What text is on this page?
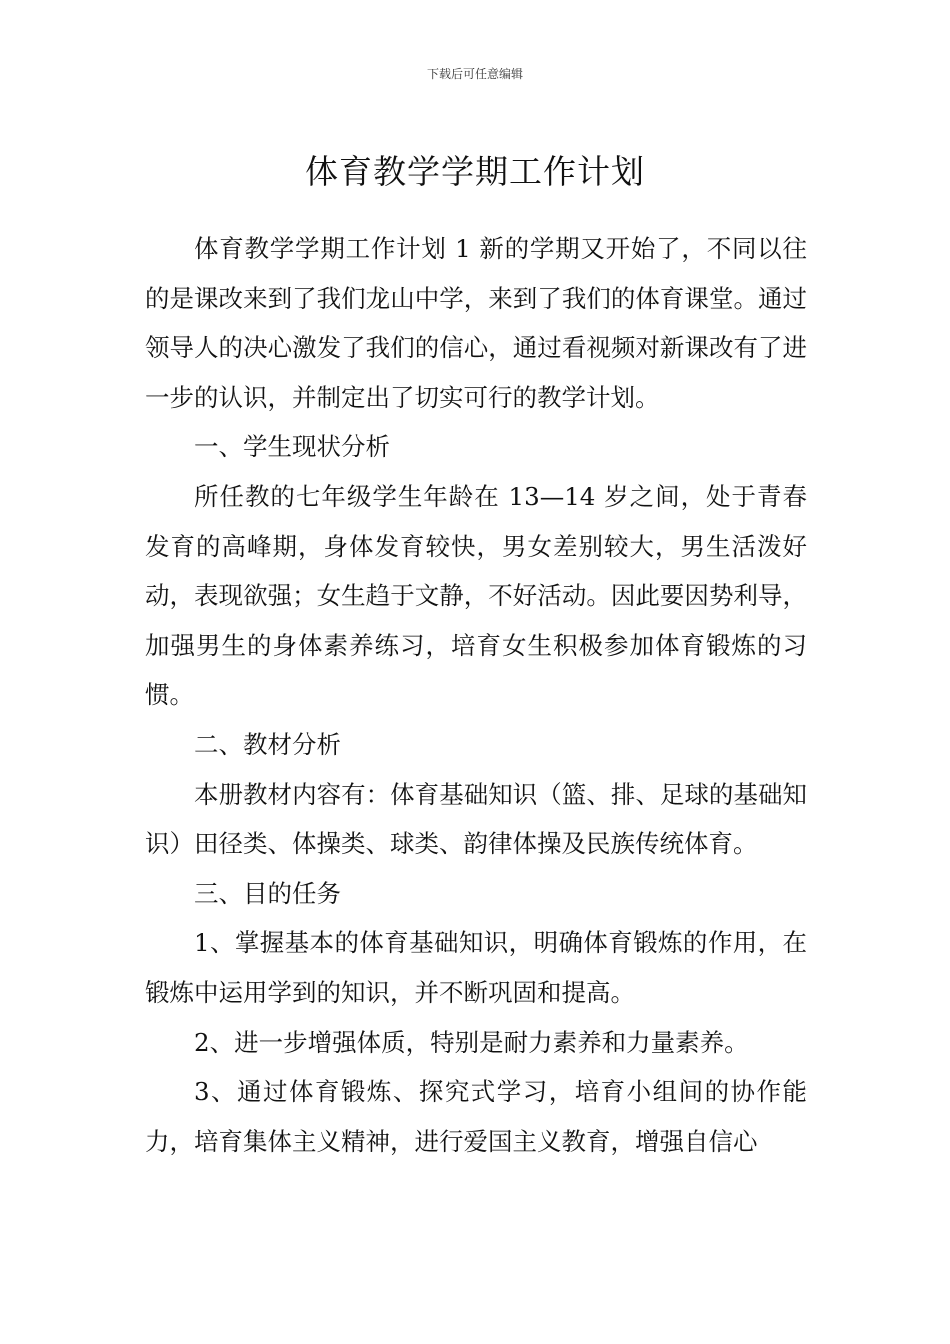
下载后可任意编辑
体育教学学期工作计划

体育教学学期工作计划 1 新的学期又开始了，不同以往的是课改来到了我们龙山中学，来到了我们的体育课堂。通过领导人的决心激发了我们的信心，通过看视频对新课改有了进一步的认识，并制定出了切实可行的教学计划。

一、学生现状分析

所任教的七年级学生年龄在 13—14 岁之间，处于青春发育的高峰期，身体发育较快，男女差别较大，男生活泼好动，表现欲强；女生趋于文静，不好活动。因此要因势利导，加强男生的身体素养练习，培育女生积极参加体育锻炼的习惯。

二、教材分析

本册教材内容有：体育基础知识（篮、排、足球的基础知识）田径类、体操类、球类、韵律体操及民族传统体育。

三、目的任务

1、掌握基本的体育基础知识，明确体育锻炼的作用，在锻炼中运用学到的知识，并不断巩固和提高。

2、进一步增强体质，特别是耐力素养和力量素养。

3、通过体育锻炼、探究式学习，培育小组间的协作能力，培育集体主义精神，进行爱国主义教育，增强自信心
